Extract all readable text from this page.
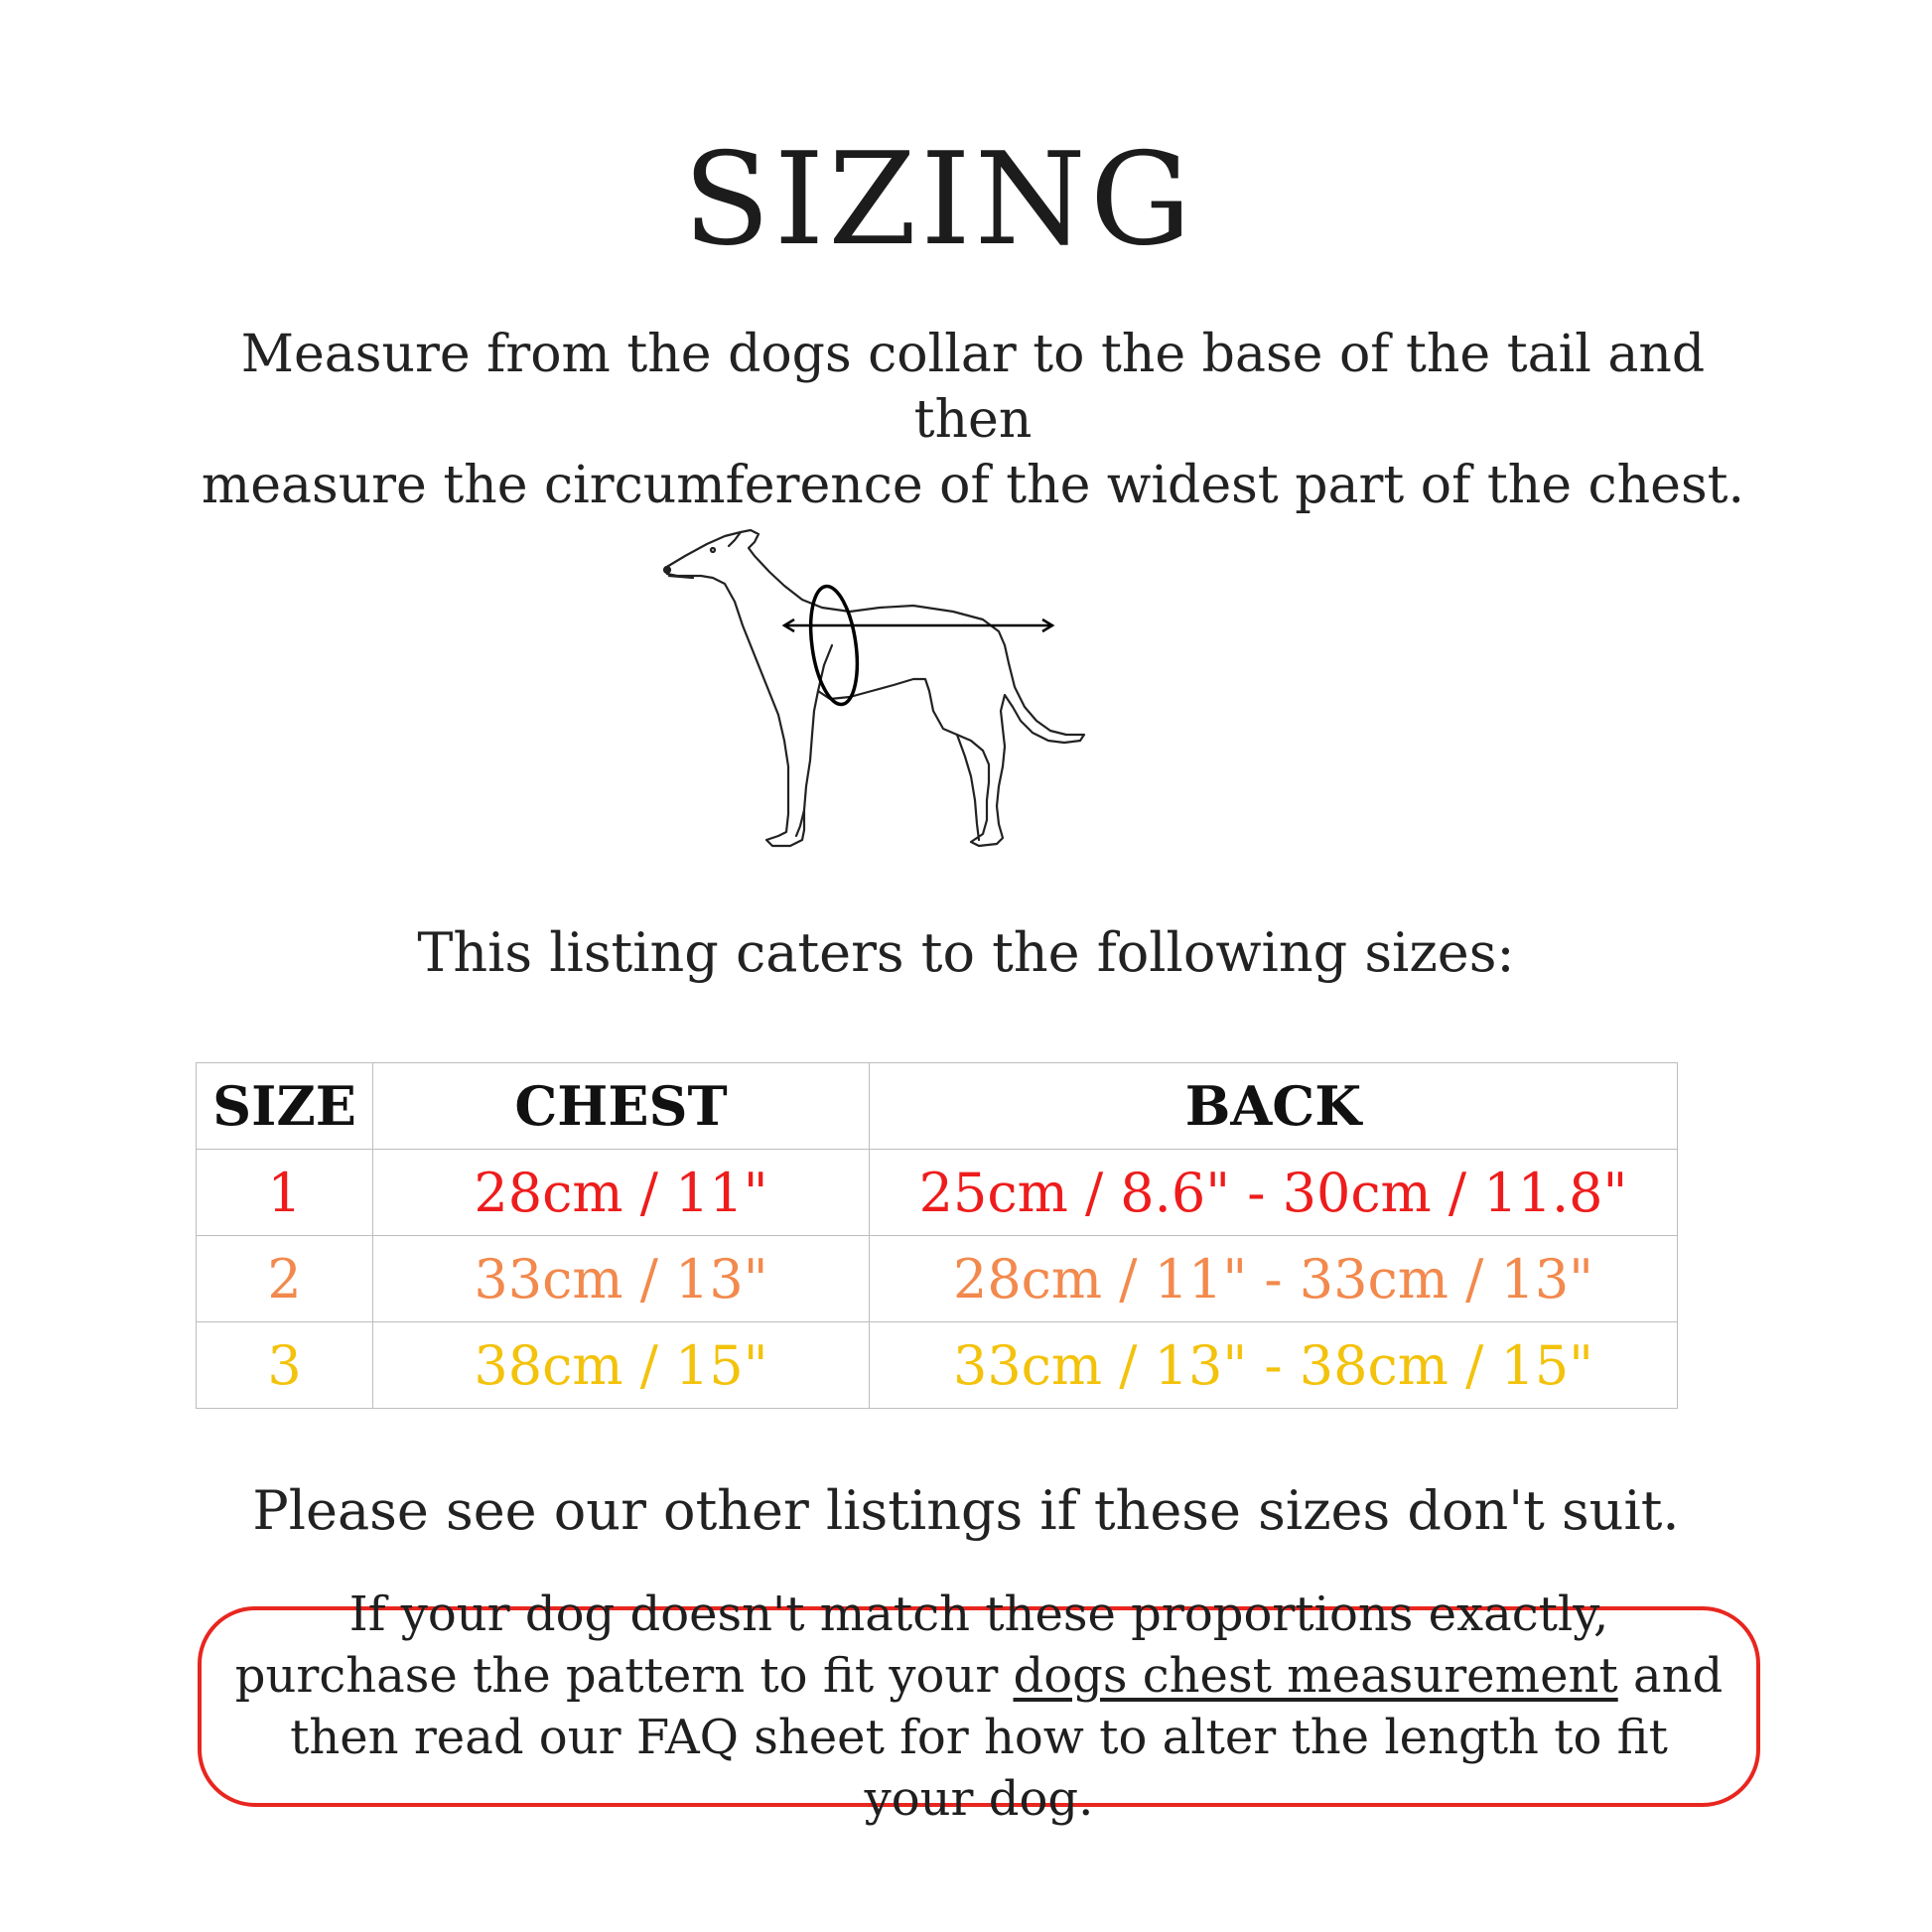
SIZING
Measure from the dogs collar to the base of the tail and then
measure the circumference of the widest part of the chest.
This listing caters to the following sizes:
SIZE	CHEST	BACK
1	28cm / 11"	25cm / 8.6" - 30cm / 11.8"
2	33cm / 13"	28cm / 11" - 33cm / 13"
3	38cm / 15"	33cm / 13" - 38cm / 15"
Please see our other listings if these sizes don't suit.
If your dog doesn't match these proportions exactly, purchase the pattern to fit your dogs chest measurement and then read our FAQ sheet for how to alter the length to fit your dog.
